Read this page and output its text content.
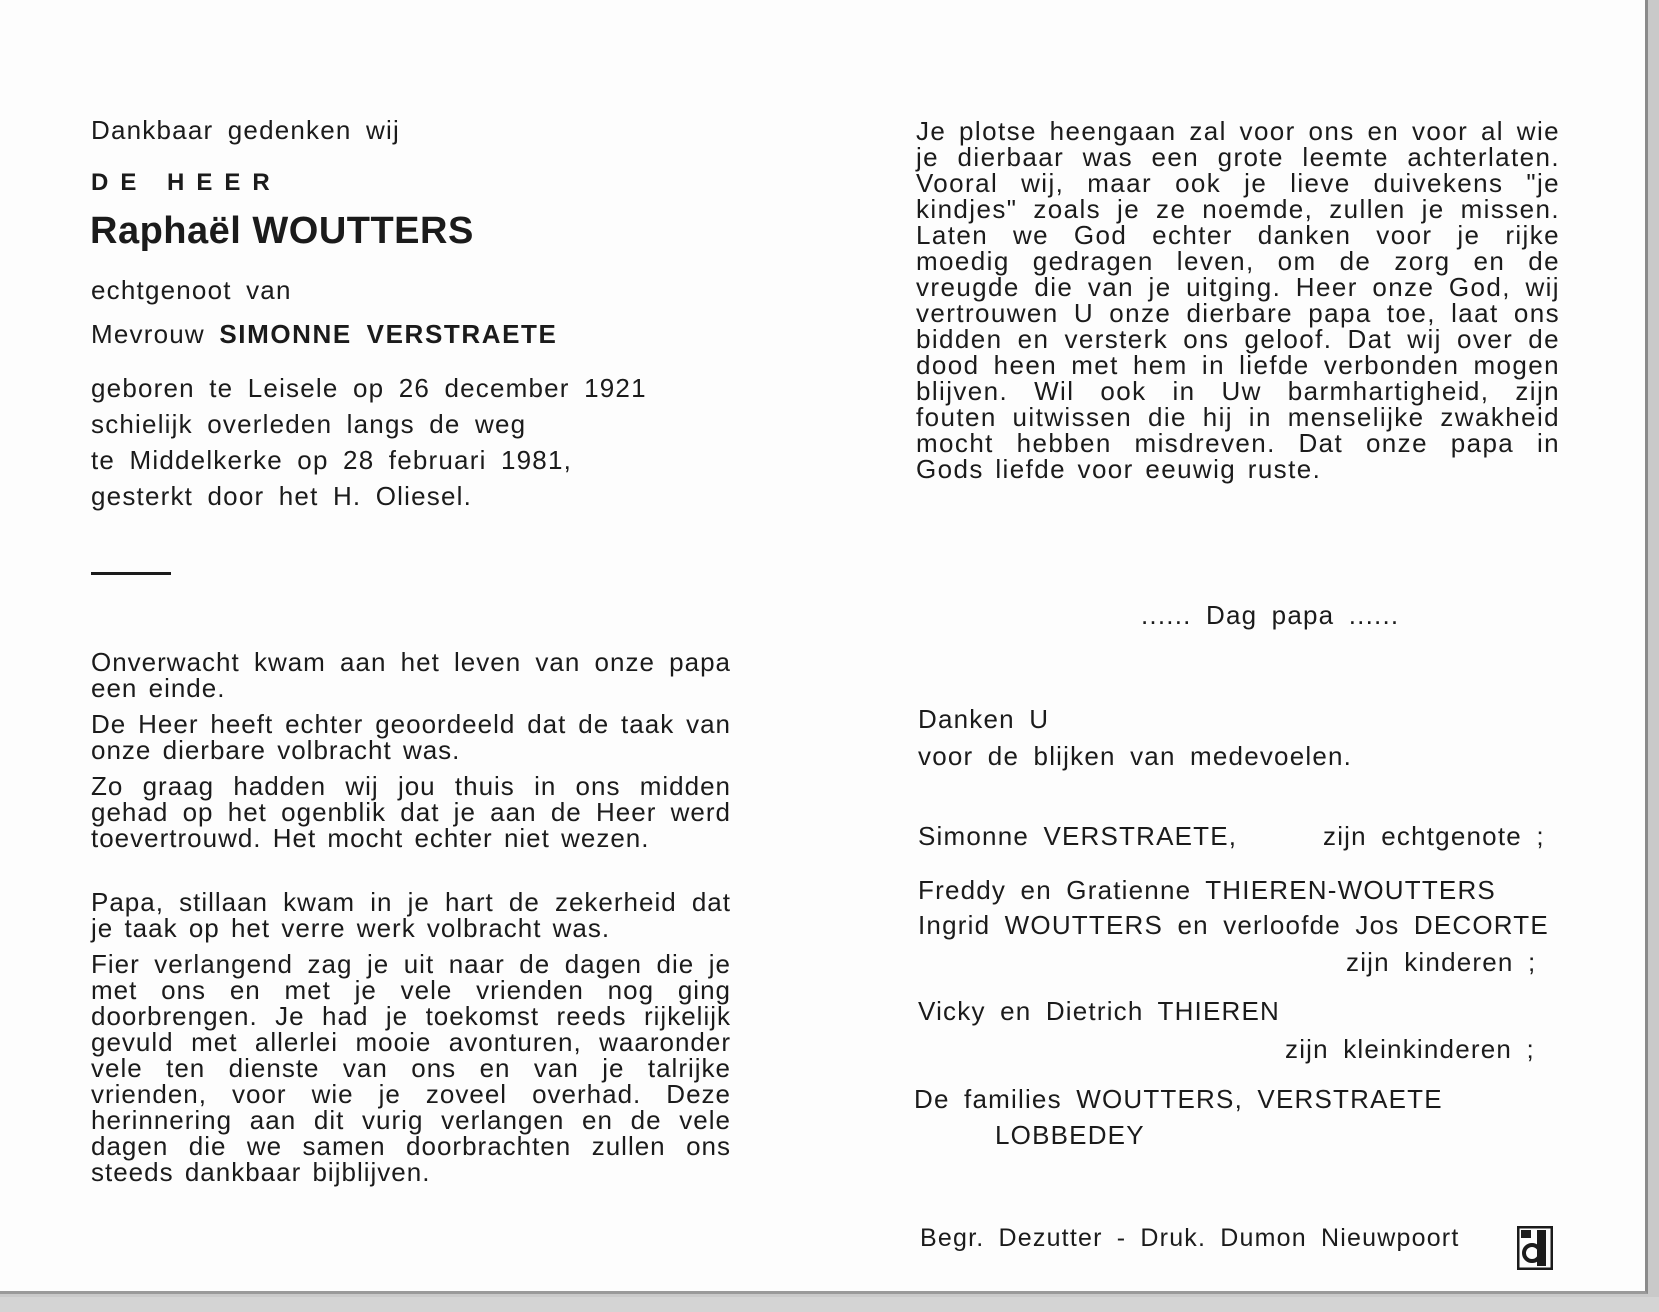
Dankbaar gedenken wij
DE HEER
Raphaël WOUTTERS
echtgenoot van
Mevrouw SIMONNE VERSTRAETE
geboren te Leisele op 26 december 1921
schielijk overleden langs de weg
te Middelkerke op 28 februari 1981,
gesterkt door het H. Oliesel.
Onverwacht kwam aan het leven van onze papa een einde.
De Heer heeft echter geoordeeld dat de taak van onze dierbare volbracht was.
Zo graag hadden wij jou thuis in ons midden gehad op het ogenblik dat je aan de Heer werd toevertrouwd. Het mocht echter niet wezen.
Papa, stillaan kwam in je hart de zekerheid dat je taak op het verre werk volbracht was.
Fier verlangend zag je uit naar de dagen die je met ons en met je vele vrienden nog ging doorbrengen. Je had je toekomst reeds rijkelijk gevuld met allerlei mooie avonturen, waaronder vele ten dienste van ons en van je talrijke vrienden, voor wie je zoveel overhad. Deze herinnering aan dit vurig verlangen en de vele dagen die we samen doorbrachten zullen ons steeds dankbaar bijblijven.
Je plotse heengaan zal voor ons en voor al wie je dierbaar was een grote leemte achterlaten. Vooral wij, maar ook je lieve duivekens "je kindjes" zoals je ze noemde, zullen je missen. Laten we God echter danken voor je rijke moedig gedragen leven, om de zorg en de vreugde die van je uitging. Heer onze God, wij vertrouwen U onze dierbare papa toe, laat ons bidden en versterk ons geloof. Dat wij over de dood heen met hem in liefde verbonden mogen blijven. Wil ook in Uw barmhartigheid, zijn fouten uitwissen die hij in menselijke zwakheid mocht hebben misdreven. Dat onze papa in Gods liefde voor eeuwig ruste.
...... Dag papa ......
Danken U
voor de blijken van medevoelen.
Simonne VERSTRAETE,	zijn echtgenote ;
Freddy en Gratienne THIEREN-WOUTTERS
Ingrid WOUTTERS en verloofde Jos DECORTE
zijn kinderen ;
Vicky en Dietrich THIEREN
zijn kleinkinderen ;
De families WOUTTERS, VERSTRAETE
LOBBEDEY
Begr. Dezutter - Druk. Dumon Nieuwpoort
